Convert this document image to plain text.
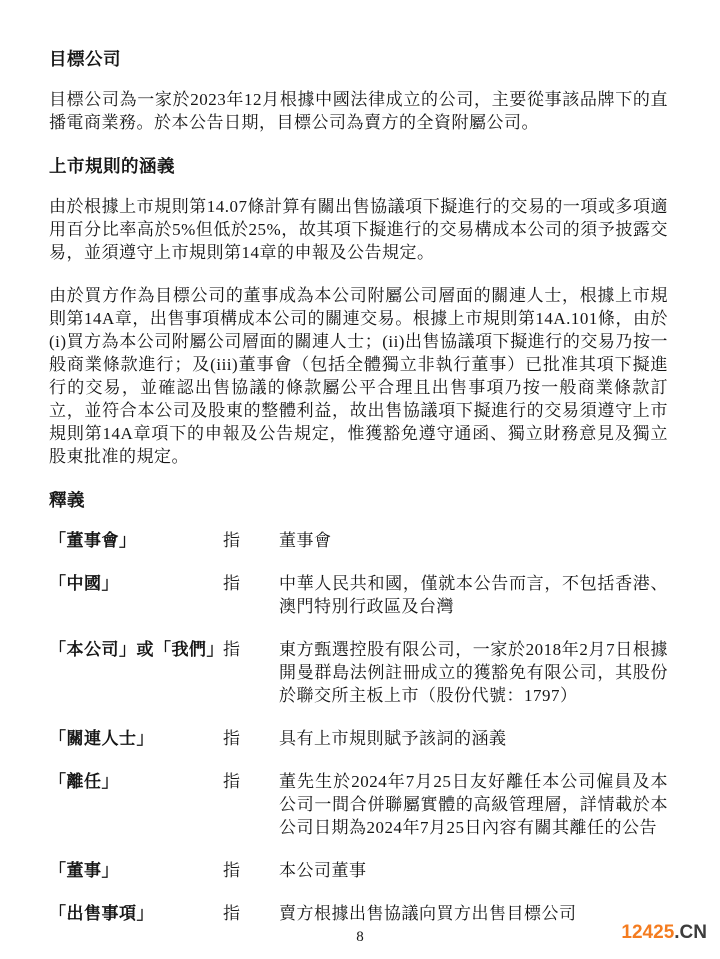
目標公司

目標公司為一家於2023年12月根據中國法律成立的公司，主要從事該品牌下的直播電商業務。於本公告日期，目標公司為賣方的全資附屬公司。

上市規則的涵義

由於根據上市規則第14.07條計算有關出售協議項下擬進行的交易的一項或多項適用百分比率高於5%但低於25%，故其項下擬進行的交易構成本公司的須予披露交易，並須遵守上市規則第14章的申報及公告規定。

由於買方作為目標公司的董事成為本公司附屬公司層面的關連人士，根據上市規則第14A章，出售事項構成本公司的關連交易。根據上市規則第14A.101條，由於(i)買方為本公司附屬公司層面的關連人士；(ii)出售協議項下擬進行的交易乃按一般商業條款進行；及(iii)董事會（包括全體獨立非執行董事）已批准其項下擬進行的交易，並確認出售協議的條款屬公平合理且出售事項乃按一般商業條款訂立，並符合本公司及股東的整體利益，故出售協議項下擬進行的交易須遵守上市規則第14A章項下的申報及公告規定，惟獲豁免遵守通函、獨立財務意見及獨立股東批准的規定。

釋義
「董事會」	指	董事會
「中國」	指	中華人民共和國，僅就本公告而言，不包括香港、澳門特別行政區及台灣
「本公司」或「我們」 指	東方甄選控股有限公司，一家於2018年2月7日根據開曼群島法例註冊成立的獲豁免有限公司，其股份於聯交所主板上市（股份代號：1797）
「關連人士」	指	具有上市規則賦予該詞的涵義
「離任」	指	董先生於2024年7月25日友好離任本公司僱員及本公司一間合併聯屬實體的高級管理層，詳情載於本公司日期為2024年7月25日內容有關其離任的公告
「董事」	指	本公司董事
「出售事項」	指	賣方根據出售協議向買方出售目標公司
8	12425.CN
